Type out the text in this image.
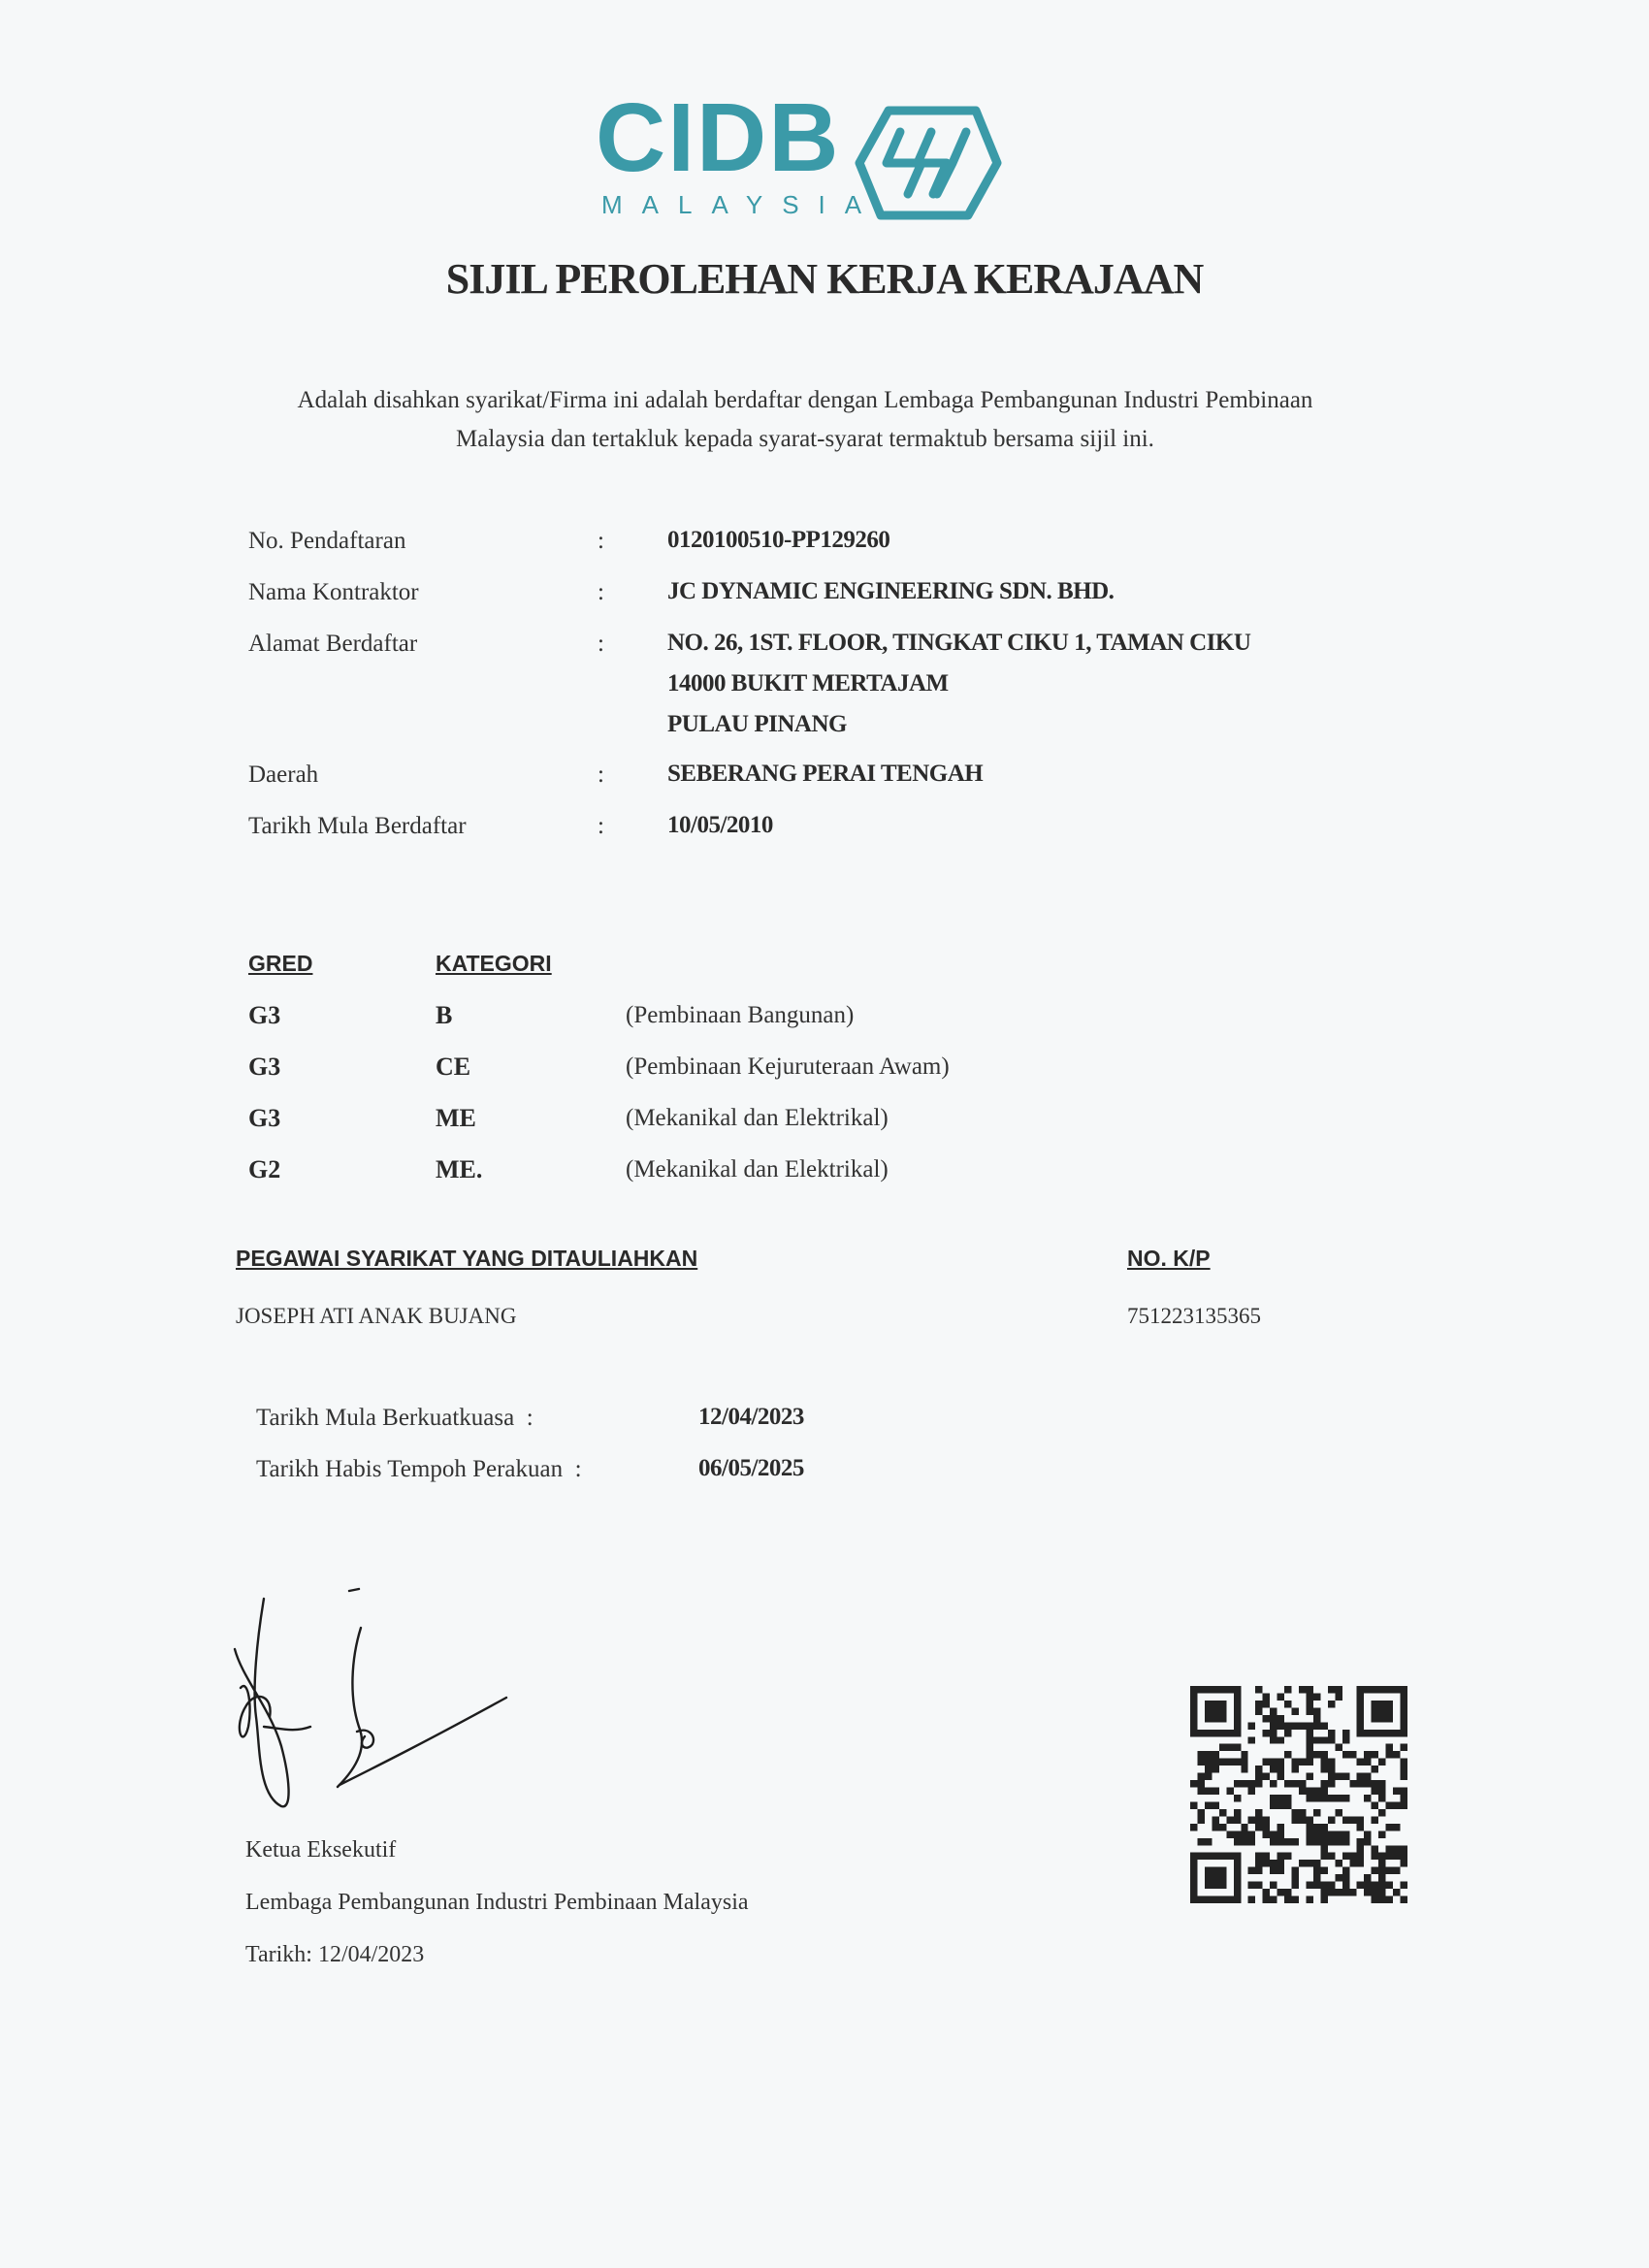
CIDB
MALAYSIA
SIJIL PEROLEHAN KERJA KERAJAAN
Adalah disahkan syarikat/Firma ini adalah berdaftar dengan Lembaga Pembangunan Industri Pembinaan
Malaysia dan tertakluk kepada syarat-syarat termaktub bersama sijil ini.
No. Pendaftaran	:	0120100510-PP129260
Nama Kontraktor	:	JC DYNAMIC ENGINEERING SDN. BHD.
Alamat Berdaftar	:	NO. 26, 1ST. FLOOR, TINGKAT CIKU 1, TAMAN CIKU
14000 BUKIT MERTAJAM
PULAU PINANG
Daerah	:	SEBERANG PERAI TENGAH
Tarikh Mula Berdaftar	:	10/05/2010
GRED	KATEGORI
G3	B	(Pembinaan Bangunan)
G3	CE	(Pembinaan Kejuruteraan Awam)
G3	ME	(Mekanikal dan Elektrikal)
G2	ME.	(Mekanikal dan Elektrikal)
PEGAWAI SYARIKAT YANG DITAULIAHKAN	NO. K/P
JOSEPH ATI ANAK BUJANG	751223135365
Tarikh Mula Berkuatkuasa :	12/04/2023
Tarikh Habis Tempoh Perakuan :	06/05/2025
Ketua Eksekutif
Lembaga Pembangunan Industri Pembinaan Malaysia
Tarikh: 12/04/2023
